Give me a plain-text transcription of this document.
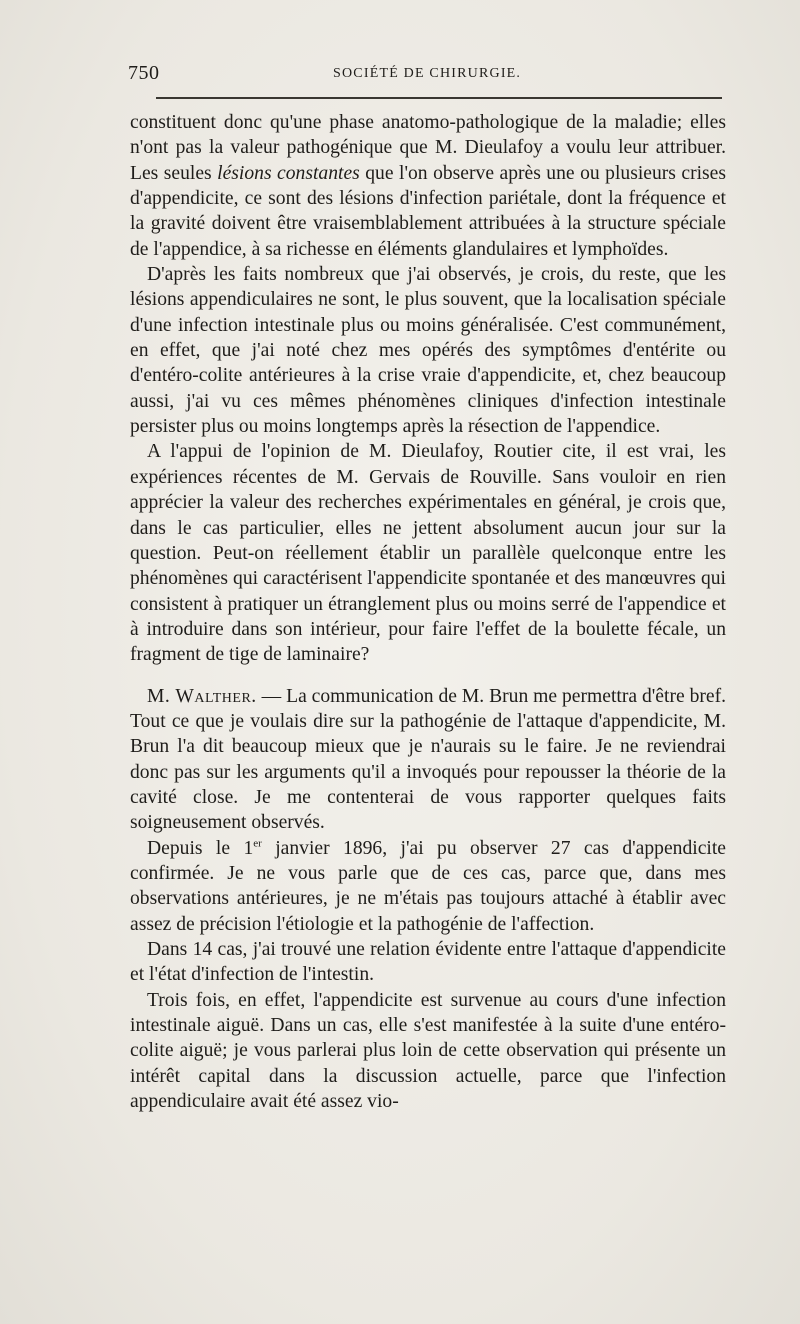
750	SOCIÉTÉ DE CHIRURGIE.

constituent donc qu'une phase anatomo-pathologique de la maladie; elles n'ont pas la valeur pathogénique que M. Dieulafoy a voulu leur attribuer. Les seules lésions constantes que l'on observe après une ou plusieurs crises d'appendicite, ce sont des lésions d'infection pariétale, dont la fréquence et la gravité doivent être vraisemblablement attribuées à la structure spéciale de l'appendice, à sa richesse en éléments glandulaires et lymphoïdes.

D'après les faits nombreux que j'ai observés, je crois, du reste, que les lésions appendiculaires ne sont, le plus souvent, que la localisation spéciale d'une infection intestinale plus ou moins généralisée. C'est communément, en effet, que j'ai noté chez mes opérés des symptômes d'entérite ou d'entéro-colite antérieures à la crise vraie d'appendicite, et, chez beaucoup aussi, j'ai vu ces mêmes phénomènes cliniques d'infection intestinale persister plus ou moins longtemps après la résection de l'appendice.

A l'appui de l'opinion de M. Dieulafoy, Routier cite, il est vrai, les expériences récentes de M. Gervais de Rouville. Sans vouloir en rien apprécier la valeur des recherches expérimentales en général, je crois que, dans le cas particulier, elles ne jettent absolument aucun jour sur la question. Peut-on réellement établir un parallèle quelconque entre les phénomènes qui caractérisent l'appendicite spontanée et des manœuvres qui consistent à pratiquer un étranglement plus ou moins serré de l'appendice et à introduire dans son intérieur, pour faire l'effet de la boulette fécale, un fragment de tige de laminaire?

M. Walther. — La communication de M. Brun me permettra d'être bref. Tout ce que je voulais dire sur la pathogénie de l'attaque d'appendicite, M. Brun l'a dit beaucoup mieux que je n'aurais su le faire. Je ne reviendrai donc pas sur les arguments qu'il a invoqués pour repousser la théorie de la cavité close. Je me contenterai de vous rapporter quelques faits soigneusement observés.

Depuis le 1er janvier 1896, j'ai pu observer 27 cas d'appendicite confirmée. Je ne vous parle que de ces cas, parce que, dans mes observations antérieures, je ne m'étais pas toujours attaché à établir avec assez de précision l'étiologie et la pathogénie de l'affection.

Dans 14 cas, j'ai trouvé une relation évidente entre l'attaque d'appendicite et l'état d'infection de l'intestin.

Trois fois, en effet, l'appendicite est survenue au cours d'une infection intestinale aiguë. Dans un cas, elle s'est manifestée à la suite d'une entéro-colite aiguë; je vous parlerai plus loin de cette observation qui présente un intérêt capital dans la discussion actuelle, parce que l'infection appendiculaire avait été assez vio-
